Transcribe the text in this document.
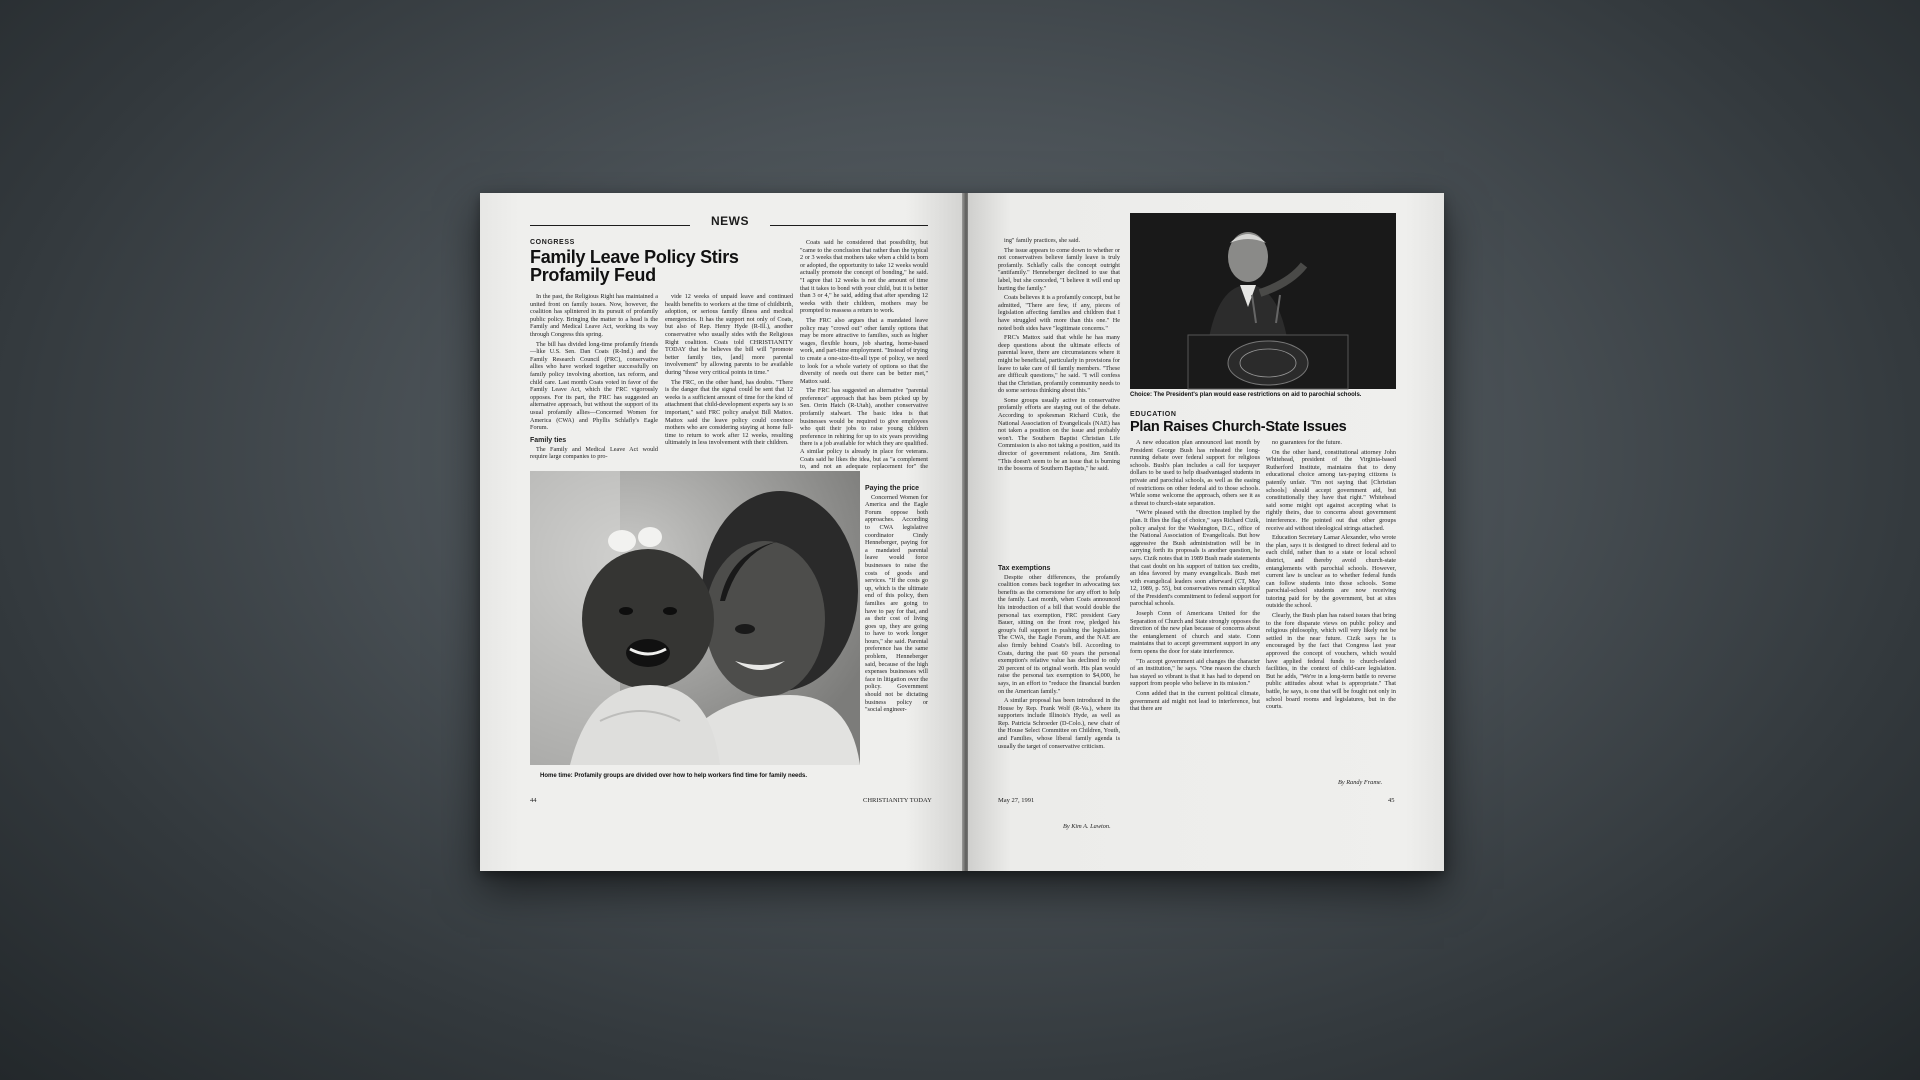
NEWS
CONGRESS
Family Leave Policy Stirs Profamily Feud

In the past, the Religious Right has maintained a united front on family issues. Now, however, the coalition has splintered in its pursuit of profamily public policy. Bringing the matter to a head is the Family and Medical Leave Act, working its way through Congress this spring.

The bill has divided long-time profamily friends—like U.S. Sen. Dan Coats (R-Ind.) and the Family Research Council (FRC), conservative allies who have worked together successfully on family policy involving abortion, tax reform, and child care. Last month Coats voted in favor of the Family Leave Act, which the FRC vigorously opposes. For its part, the FRC has suggested an alternative approach, but without the support of its usual profamily allies—Concerned Women for America (CWA) and Phyllis Schlafly's Eagle Forum.

Family ties

The Family and Medical Leave Act would require large companies to pro-

vide 12 weeks of unpaid leave and continued health benefits to workers at the time of childbirth, adoption, or serious family illness and medical emergencies. It has the support not only of Coats, but also of Rep. Henry Hyde (R-Ill.), another conservative who usually sides with the Religious Right coalition. Coats told CHRISTIANITY TODAY that he believes the bill will "promote better family ties, [and] more parental involvement" by allowing parents to be available during "those very critical points in time."

The FRC, on the other hand, has doubts. "There is the danger that the signal could be sent that 12 weeks is a sufficient amount of time for the kind of attachment that child-development experts say is so important," said FRC policy analyst Bill Mattox. Mattox said the leave policy could convince mothers who are considering staying at home full-time to return to work after 12 weeks, resulting ultimately in less involvement with their children.

Coats said he considered that possibility, but "came to the conclusion that rather than the typical 2 or 3 weeks that mothers take when a child is born or adopted, the opportunity to take 12 weeks would actually promote the concept of bonding," he said. "I agree that 12 weeks is not the amount of time that it takes to bond with your child, but it is better than 3 or 4," he said, adding that after spending 12 weeks with their children, mothers may be prompted to reassess a return to work.

The FRC also argues that a mandated leave policy may "crowd out" other family options that may be more attractive to families, such as higher wages, flexible hours, job sharing, home-based work, and part-time employment. "Instead of trying to create a one-size-fits-all type of policy, we need to look for a whole variety of options so that the diversity of needs out there can be better met," Mattox said.

The FRC has suggested an alternative "parental preference" approach that has been picked up by Sen. Orrin Hatch (R-Utah), another conservative profamily stalwart. The basic idea is that businesses would be required to give employees who quit their jobs to raise young children preference in rehiring for up to six years providing there is a job available for which they are qualified. A similar policy is already in place for veterans. Coats said he likes the idea, but as "a complement to, and not an adequate replacement for" the

Paying the price

Concerned Women for America and the Eagle Forum oppose both approaches. According to CWA legislative coordinator Cindy Henneberger, paying for a mandated parental leave would force businesses to raise the costs of goods and services. "If the costs go up, which is the ultimate end of this policy, then families are going to have to pay for that, and as their cost of living goes up, they are going to have to work longer hours," she said. Parental preference has the same problem, Henneberger said, because of the high expenses businesses will face in litigation over the policy. Government should not be dictating business policy or "social engineer-

Home time: Profamily groups are divided over how to help workers find time for family needs.
44	CHRISTIANITY TODAY

ing" family practices, she said.

The issue appears to come down to whether or not conservatives believe family leave is truly profamily. Schlafly calls the concept outright "antifamily." Henneberger declined to use that label, but she conceded, "I believe it will end up hurting the family."

Coats believes it is a profamily concept, but he admitted, "There are few, if any, pieces of legislation affecting families and children that I have struggled with more than this one." He noted both sides have "legitimate concerns."

FRC's Mattox said that while he has many deep questions about the ultimate effects of parental leave, there are circumstances where it might be beneficial, particularly in provisions for leave to take care of ill family members. "These are difficult questions," he said. "I will confess that the Christian, profamily community needs to do some serious thinking about this."

Some groups usually active in conservative profamily efforts are staying out of the debate. According to spokesman Richard Cizik, the National Association of Evangelicals (NAE) has not taken a position on the issue and probably won't. The Southern Baptist Christian Life Commission is also not taking a position, said its director of government relations, Jim Smith. "This doesn't seem to be an issue that is burning in the bosoms of Southern Baptists," he said.

Tax exemptions

Despite other differences, the profamily coalition comes back together in advocating tax benefits as the cornerstone for any effort to help the family. Last month, when Coats announced his introduction of a bill that would double the personal tax exemption, FRC president Gary Bauer, sitting on the front row, pledged his group's full support in pushing the legislation. The CWA, the Eagle Forum, and the NAE are also firmly behind Coats's bill. According to Coats, during the past 60 years the personal exemption's relative value has declined to only 20 percent of its original worth. His plan would raise the personal tax exemption to $4,000, he says, in an effort to "reduce the financial burden on the American family."

A similar proposal has been introduced in the House by Rep. Frank Wolf (R-Va.), where its supporters include Illinois's Hyde, as well as Rep. Patricia Schroeder (D-Colo.), new chair of the House Select Committee on Children, Youth, and Families, whose liberal family agenda is usually the target of conservative criticism.

By Kim A. Lawton.
Choice: The President's plan would ease restrictions on aid to parochial schools.
EDUCATION
Plan Raises Church-State Issues

A new education plan announced last month by President George Bush has reheated the long-running debate over federal support for religious schools. Bush's plan includes a call for taxpayer dollars to be used to help disadvantaged students in private and parochial schools, as well as the easing of restrictions on other federal aid to those schools. While some welcome the approach, others see it as a threat to church-state separation.

"We're pleased with the direction implied by the plan. It flies the flag of choice," says Richard Cizik, policy analyst for the Washington, D.C., office of the National Association of Evangelicals. But how aggressive the Bush administration will be in carrying forth its proposals is another question, he says. Cizik notes that in 1989 Bush made statements that cast doubt on his support of tuition tax credits, an idea favored by many evangelicals. Bush met with evangelical leaders soon afterward (CT, May 12, 1989, p. 55), but conservatives remain skeptical of the President's commitment to federal support for parochial schools.

Joseph Conn of Americans United for the Separation of Church and State strongly opposes the direction of the new plan because of concerns about the entanglement of church and state. Conn maintains that to accept government support in any form opens the door for state interference.

"To accept government aid changes the character of an institution," he says. "One reason the church has stayed so vibrant is that it has had to depend on support from people who believe in its mission."

Conn added that in the current political climate, government aid might not lead to interference, but that there are

no guarantees for the future.

On the other hand, constitutional attorney John Whitehead, president of the Virginia-based Rutherford Institute, maintains that to deny educational choice among tax-paying citizens is patently unfair. "I'm not saying that [Christian schools] should accept government aid, but constitutionally they have that right." Whitehead said some might opt against accepting what is rightly theirs, due to concerns about government interference. He pointed out that other groups receive aid without ideological strings attached.

Education Secretary Lamar Alexander, who wrote the plan, says it is designed to direct federal aid to each child, rather than to a state or local school district, and thereby avoid church-state entanglements with parochial schools. However, current law is unclear as to whether federal funds can follow students into those schools. Some parochial-school students are now receiving tutoring paid for by the government, but at sites outside the school.

Clearly, the Bush plan has raised issues that bring to the fore disparate views on public policy and religious philosophy, which will very likely not be settled in the near future. Cizik says he is encouraged by the fact that Congress last year approved the concept of vouchers, which would have applied federal funds to church-related facilities, in the context of child-care legislation. But he adds, "We're in a long-term battle to reverse public attitudes about what is appropriate." That battle, he says, is one that will be fought not only in school board rooms and legislatures, but in the courts.

By Randy Frame.
May 27, 1991	45
